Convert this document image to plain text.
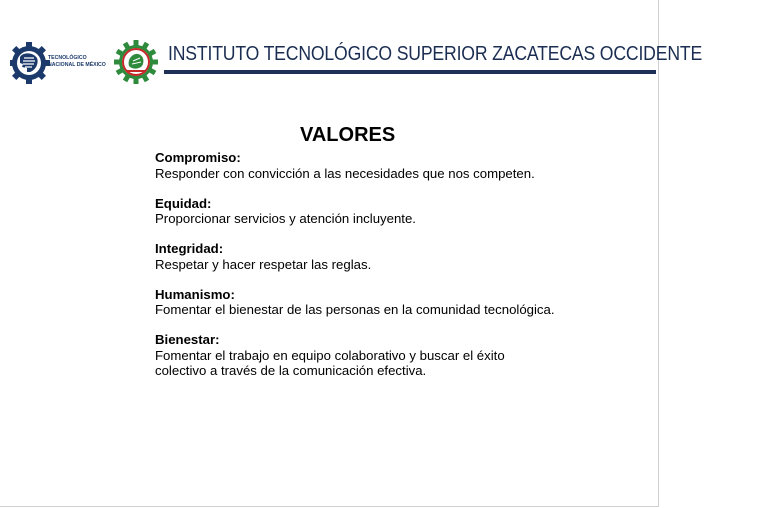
TECNOLÓGICO
NACIONAL DE MÉXICO	INSTITUTO TECNOLÓGICO SUPERIOR ZACATECAS OCCIDENTE
VALORES
Compromiso:
Responder con convicción a las necesidades que nos competen.
Equidad:
Proporcionar servicios y atención incluyente.
Integridad:
Respetar y hacer respetar las reglas.
Humanismo:
Fomentar el bienestar de las personas en la comunidad tecnológica.
Bienestar:
Fomentar el trabajo en equipo colaborativo y buscar el éxito colectivo a través de la comunicación efectiva.
